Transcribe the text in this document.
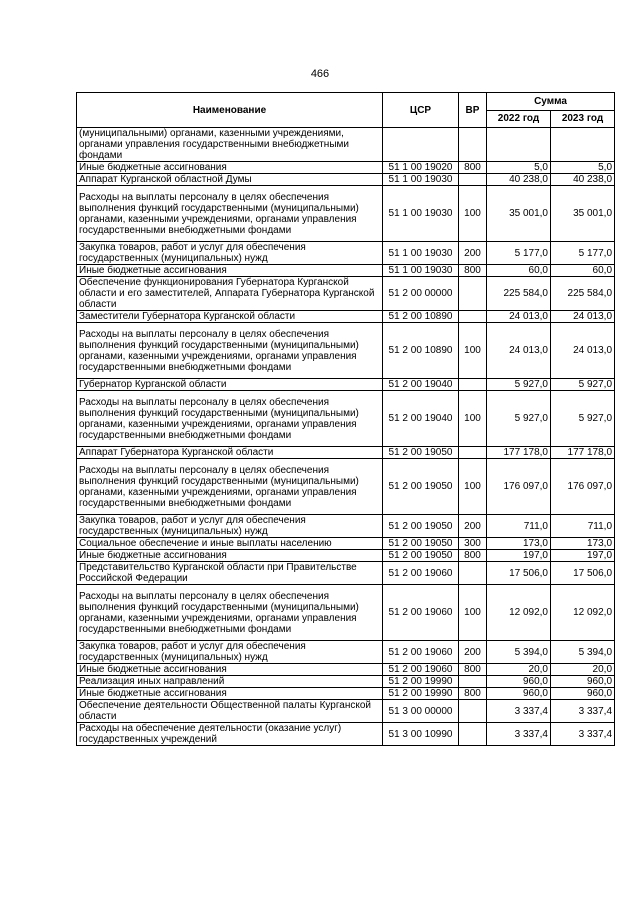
466
Наименование	ЦСР	ВР	Сумма	
			2022 год	2023 год
(муниципальными) органами, казенными учреждениями, органами управления государственными внебюджетными фондами				
Иные бюджетные ассигнования	51 1 00 19020	800	5,0	5,0
Аппарат Курганской областной Думы	51 1 00 19030		40 238,0	40 238,0
Расходы на выплаты персоналу в целях обеспечения выполнения функций государственными (муниципальными) органами, казенными учреждениями, органами управления государственными внебюджетными фондами	51 1 00 19030	100	35 001,0	35 001,0
Закупка товаров, работ и услуг для обеспечения государственных (муниципальных) нужд	51 1 00 19030	200	5 177,0	5 177,0
Иные бюджетные ассигнования	51 1 00 19030	800	60,0	60,0
Обеспечение функционирования Губернатора Курганской области и его заместителей, Аппарата Губернатора Курганской области	51 2 00 00000		225 584,0	225 584,0
Заместители Губернатора Курганской области	51 2 00 10890		24 013,0	24 013,0
Расходы на выплаты персоналу в целях обеспечения выполнения функций государственными (муниципальными) органами, казенными учреждениями, органами управления государственными внебюджетными фондами	51 2 00 10890	100	24 013,0	24 013,0
Губернатор Курганской области	51 2 00 19040		5 927,0	5 927,0
Расходы на выплаты персоналу в целях обеспечения выполнения функций государственными (муниципальными) органами, казенными учреждениями, органами управления государственными внебюджетными фондами	51 2 00 19040	100	5 927,0	5 927,0
Аппарат Губернатора Курганской области	51 2 00 19050		177 178,0	177 178,0
Расходы на выплаты персоналу в целях обеспечения выполнения функций государственными (муниципальными) органами, казенными учреждениями, органами управления государственными внебюджетными фондами	51 2 00 19050	100	176 097,0	176 097,0
Закупка товаров, работ и услуг для обеспечения государственных (муниципальных) нужд	51 2 00 19050	200	711,0	711,0
Социальное обеспечение и иные выплаты населению	51 2 00 19050	300	173,0	173,0
Иные бюджетные ассигнования	51 2 00 19050	800	197,0	197,0
Представительство Курганской области при Правительстве Российской Федерации	51 2 00 19060		17 506,0	17 506,0
Расходы на выплаты персоналу в целях обеспечения выполнения функций государственными (муниципальными) органами, казенными учреждениями, органами управления государственными внебюджетными фондами	51 2 00 19060	100	12 092,0	12 092,0
Закупка товаров, работ и услуг для обеспечения государственных (муниципальных) нужд	51 2 00 19060	200	5 394,0	5 394,0
Иные бюджетные ассигнования	51 2 00 19060	800	20,0	20,0
Реализация иных направлений	51 2 00 19990		960,0	960,0
Иные бюджетные ассигнования	51 2 00 19990	800	960,0	960,0
Обеспечение деятельности Общественной палаты Курганской области	51 3 00 00000		3 337,4	3 337,4
Расходы на обеспечение деятельности (оказание услуг) государственных учреждений	51 3 00 10990		3 337,4	3 337,4
